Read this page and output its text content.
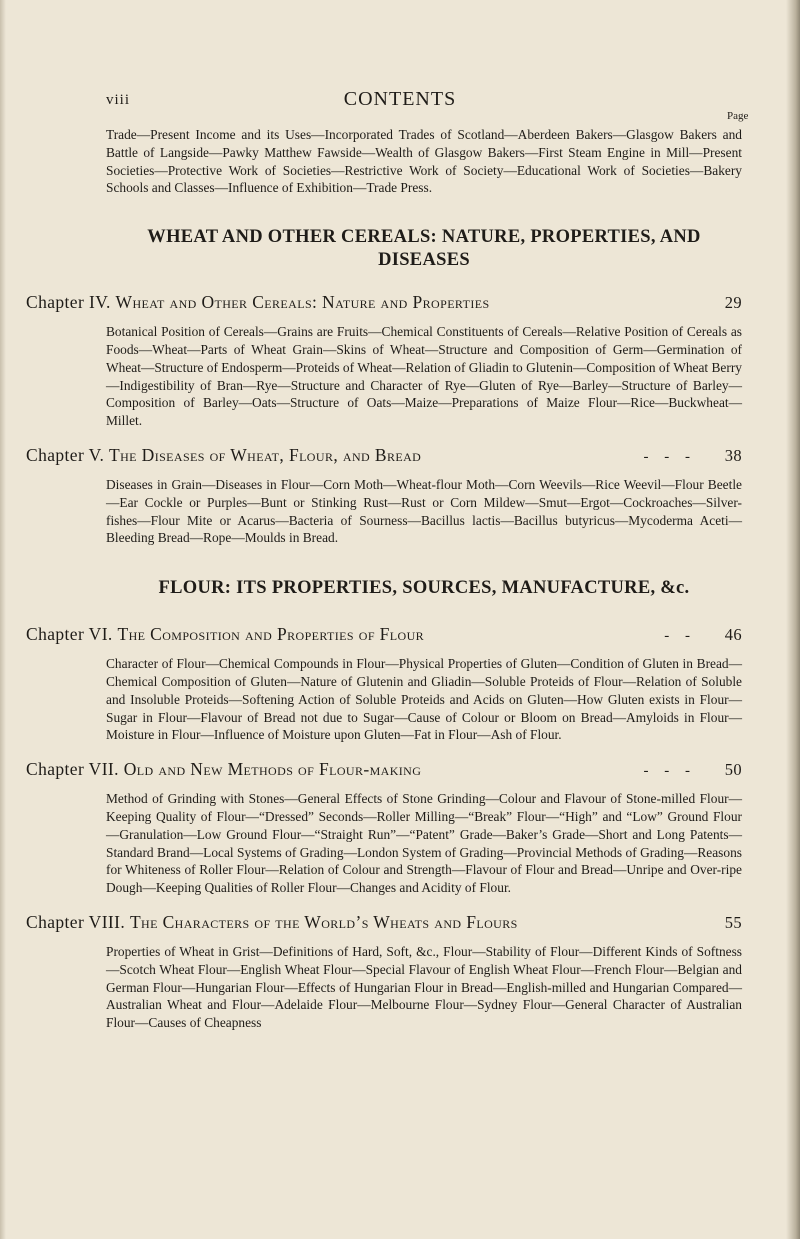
viii	CONTENTS
Page

Trade—Present Income and its Uses—Incorporated Trades of Scotland—Aberdeen Bakers—Glasgow Bakers and Battle of Langside—Pawky Matthew Fawside—Wealth of Glasgow Bakers—First Steam Engine in Mill—Present Societies—Protective Work of Societies—Restrictive Work of Society—Educational Work of Societies—Bakery Schools and Classes—Influence of Exhibition—Trade Press.

WHEAT AND OTHER CEREALS: NATURE, PROPERTIES, AND DISEASES
Chapter IV.
Wheat and Other Cereals: Nature and Properties	29

Botanical Position of Cereals—Grains are Fruits—Chemical Constituents of Cereals—Relative Position of Cereals as Foods—Wheat—Parts of Wheat Grain—Skins of Wheat—Structure and Composition of Germ—Germination of Wheat—Structure of Endosperm—Proteids of Wheat—Relation of Gliadin to Glutenin—Composition of Wheat Berry—Indigestibility of Bran—Rye—Structure and Character of Rye—Gluten of Rye—Barley—Structure of Barley—Composition of Barley—Oats—Structure of Oats—Maize—Preparations of Maize Flour—Rice—Buckwheat—Millet.

Chapter V.
The Diseases of Wheat, Flour, and Bread	- - -	38

Diseases in Grain—Diseases in Flour—Corn Moth—Wheat-flour Moth—Corn Weevils—Rice Weevil—Flour Beetle—Ear Cockle or Purples—Bunt or Stinking Rust—Rust or Corn Mildew—Smut—Ergot—Cockroaches—Silver-fishes—Flour Mite or Acarus—Bacteria of Sourness—Bacillus lactis—Bacillus butyricus—Mycoderma Aceti—Bleeding Bread—Rope—Moulds in Bread.

FLOUR: ITS PROPERTIES, SOURCES, MANUFACTURE, &c.
Chapter VI.
The Composition and Properties of Flour	- -	46

Character of Flour—Chemical Compounds in Flour—Physical Properties of Gluten—Condition of Gluten in Bread—Chemical Composition of Gluten—Nature of Glutenin and Gliadin—Soluble Proteids of Flour—Relation of Soluble and Insoluble Proteids—Softening Action of Soluble Proteids and Acids on Gluten—How Gluten exists in Flour—Sugar in Flour—Flavour of Bread not due to Sugar—Cause of Colour or Bloom on Bread—Amyloids in Flour—Moisture in Flour—Influence of Moisture upon Gluten—Fat in Flour—Ash of Flour.

Chapter VII.
Old and New Methods of Flour-making	- - -	50

Method of Grinding with Stones—General Effects of Stone Grinding—Colour and Flavour of Stone-milled Flour—Keeping Quality of Flour—“Dressed” Seconds—Roller Milling—“Break” Flour—“High” and “Low” Ground Flour—Granulation—Low Ground Flour—“Straight Run”—“Patent” Grade—Baker’s Grade—Short and Long Patents—Standard Brand—Local Systems of Grading—London System of Grading—Provincial Methods of Grading—Reasons for Whiteness of Roller Flour—Relation of Colour and Strength—Flavour of Flour and Bread—Unripe and Over-ripe Dough—Keeping Qualities of Roller Flour—Changes and Acidity of Flour.

Chapter VIII.
The Characters of the World’s Wheats and Flours	55

Properties of Wheat in Grist—Definitions of Hard, Soft, &c., Flour—Stability of Flour—Different Kinds of Softness—Scotch Wheat Flour—English Wheat Flour—Special Flavour of English Wheat Flour—French Flour—Belgian and German Flour—Hungarian Flour—Effects of Hungarian Flour in Bread—English-milled and Hungarian Compared—Australian Wheat and Flour—Adelaide Flour—Melbourne Flour—Sydney Flour—General Character of Australian Flour—Causes of Cheapness
